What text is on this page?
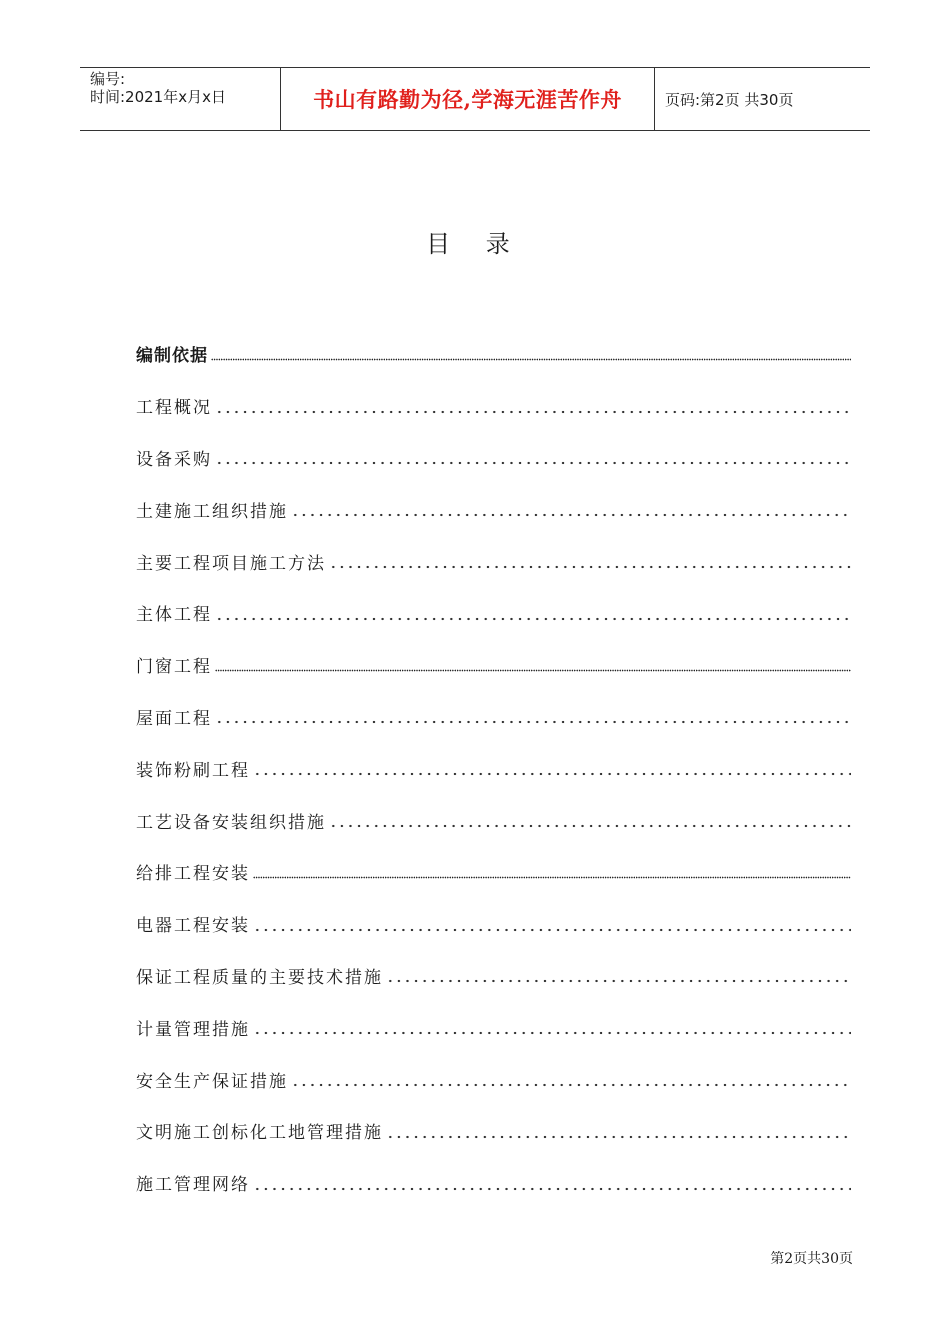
编号:
时间:2021年x月x日	书山有路勤为径,学海无涯苦作舟	页码:第2页 共30页
目 录
编制依据
工程概况
设备采购
土建施工组织措施
主要工程项目施工方法
主体工程
门窗工程
屋面工程
装饰粉刷工程
工艺设备安装组织措施
给排工程安装
电器工程安装
保证工程质量的主要技术措施
计量管理措施
安全生产保证措施
文明施工创标化工地管理措施
施工管理网络
第2页共30页
